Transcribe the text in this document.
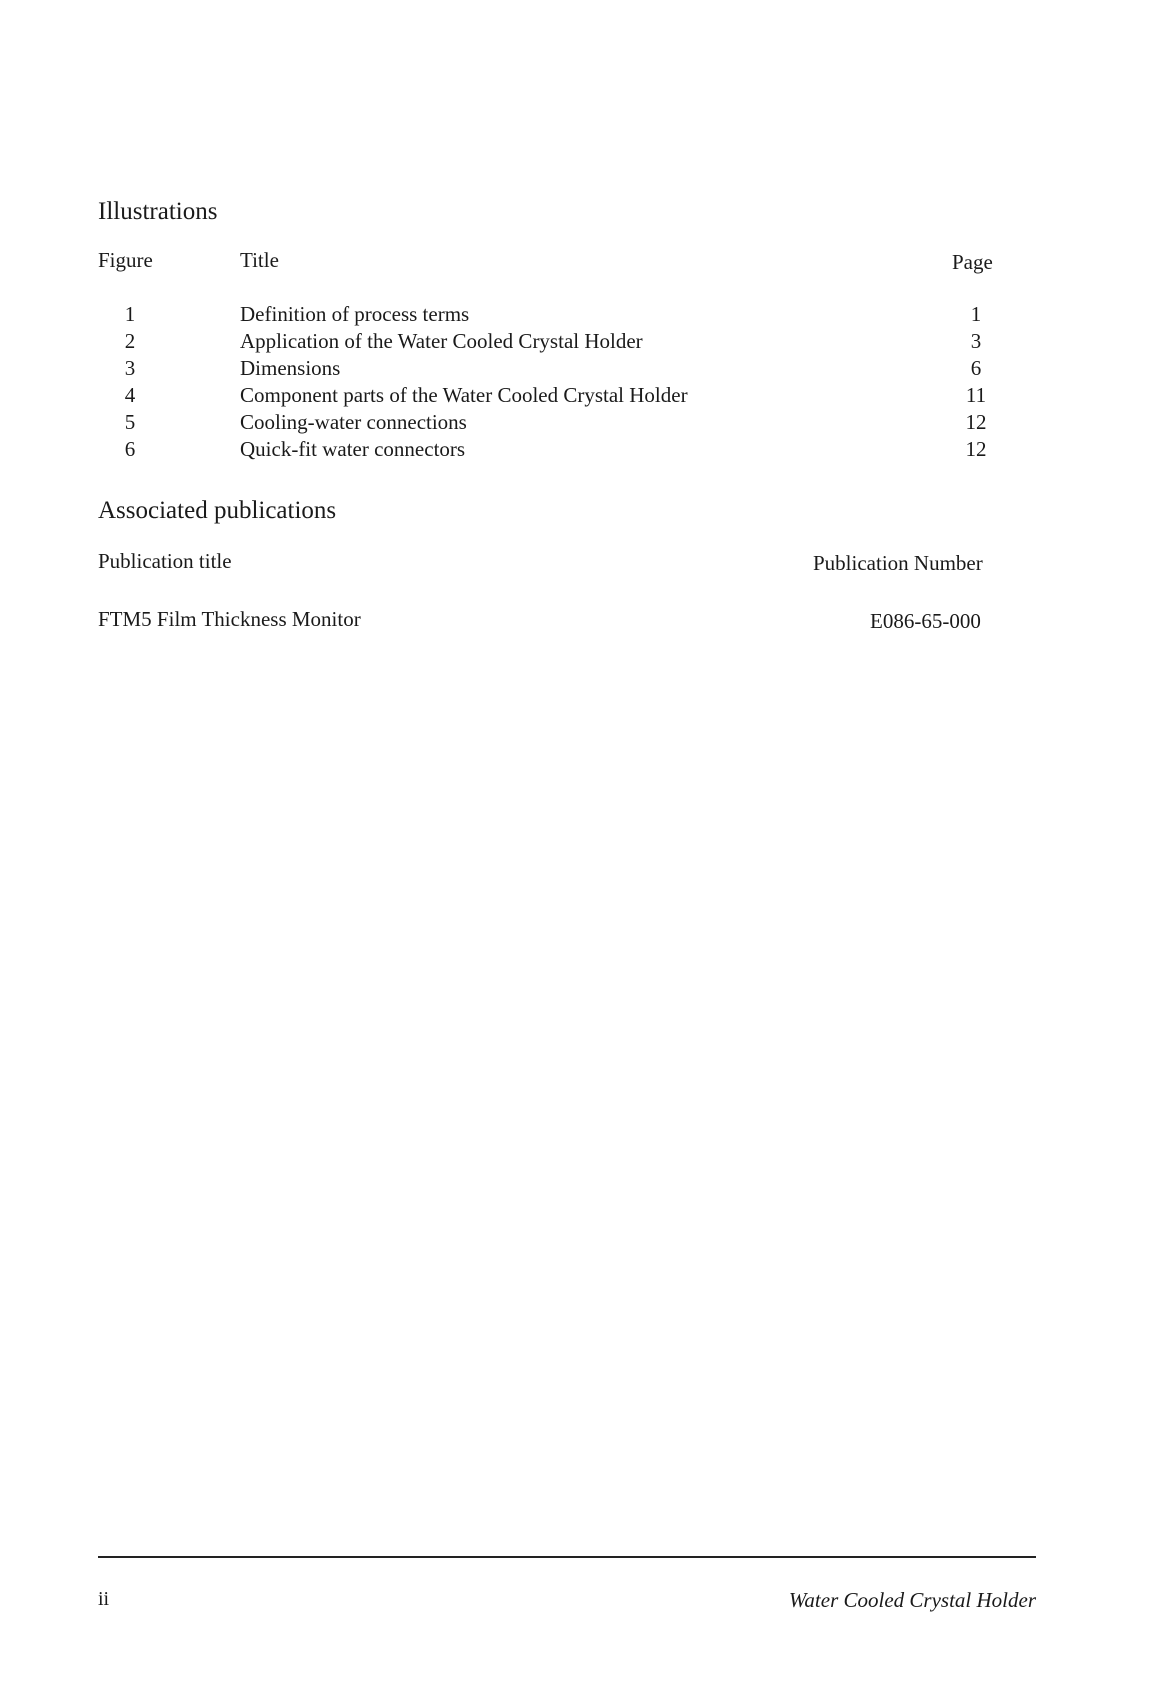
Illustrations
Figure	Title	Page
1	Definition of process terms	1
2	Application of the Water Cooled Crystal Holder	3
3	Dimensions	6
4	Component parts of the Water Cooled Crystal Holder	11
5	Cooling-water connections	12
6	Quick-fit water connectors	12
Associated publications
Publication title	Publication Number
FTM5 Film Thickness Monitor	E086-65-000
ii	Water Cooled Crystal Holder
